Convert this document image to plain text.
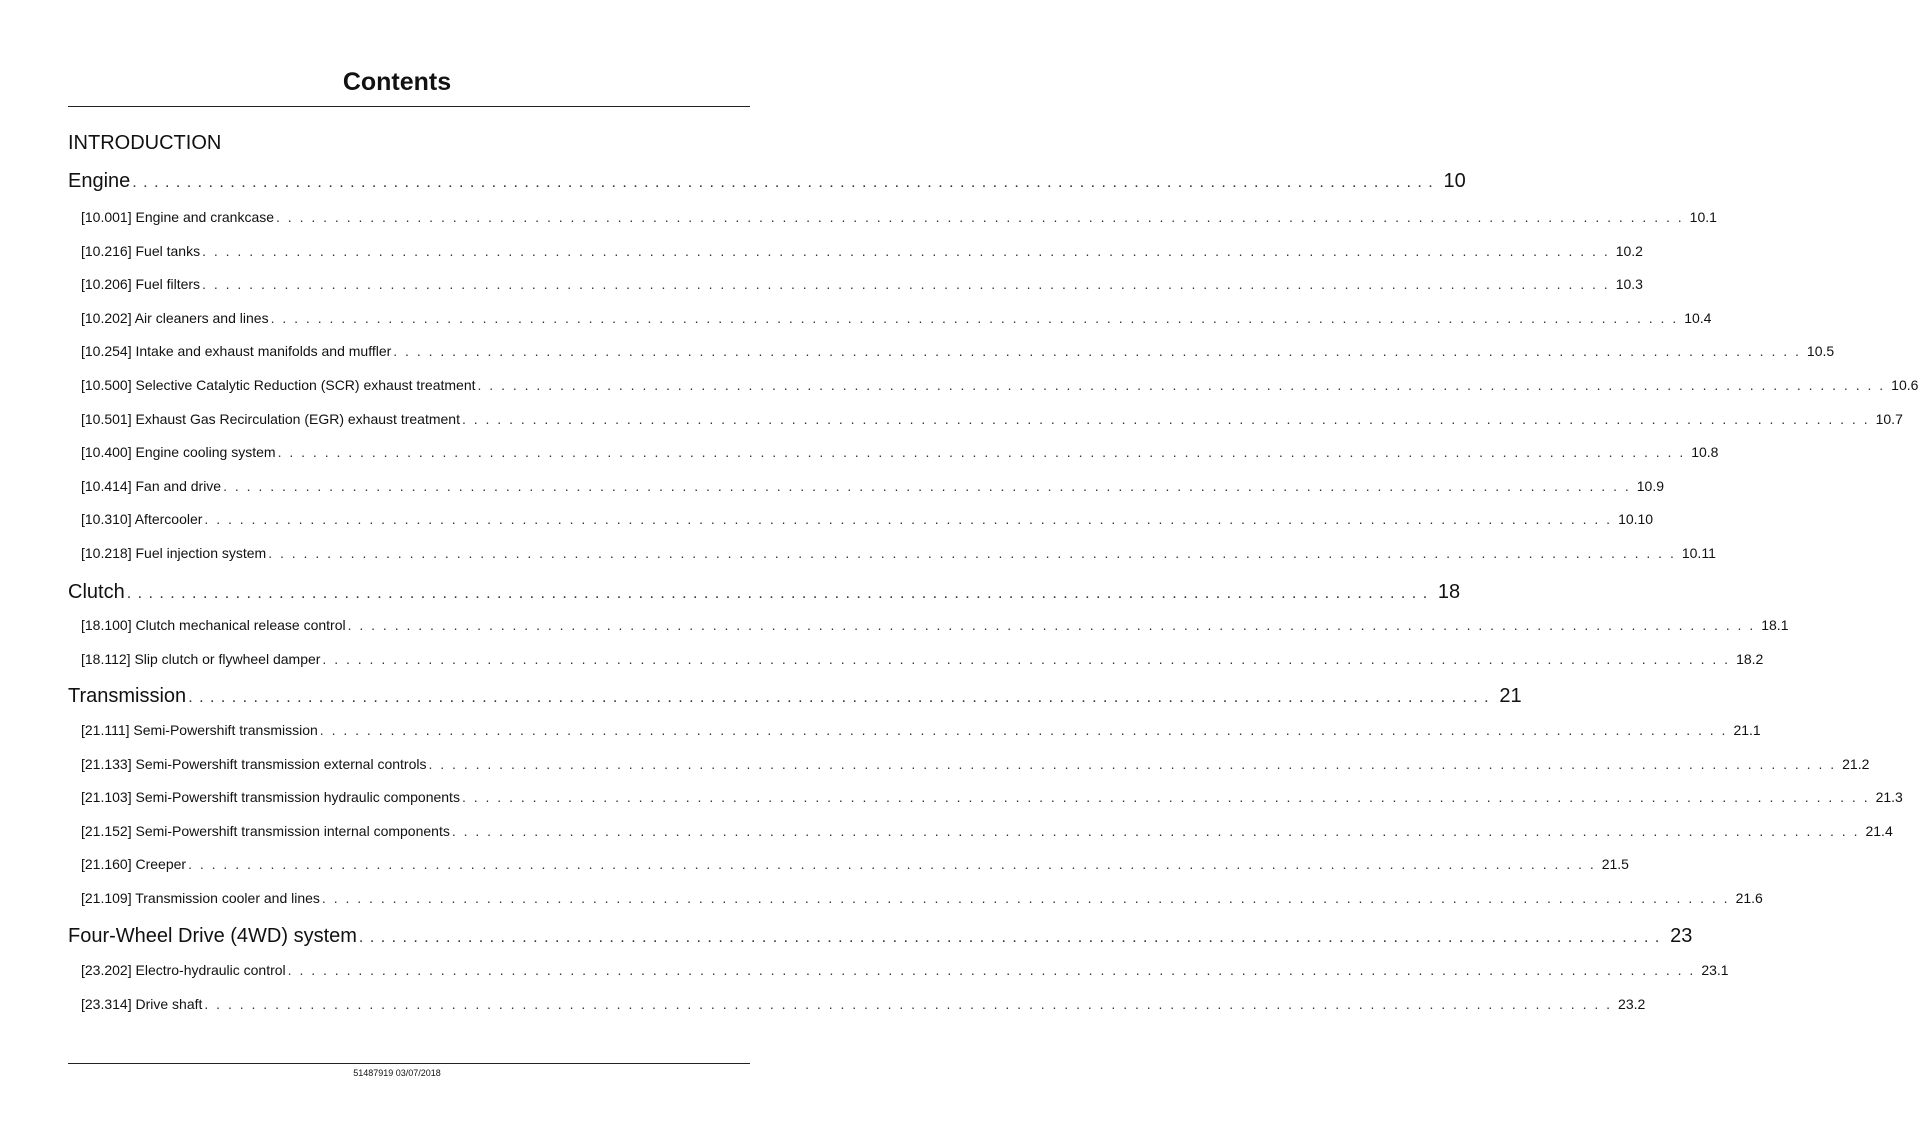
Contents
INTRODUCTION
Engine . . . . . . . . . . . . . . . . . . . . . . . . . . . . . . . . . . . . . . . . . . . . . . . . . . . . . . . . . . . . . . . . . . . . . . . . . . . . . . . . . . . . . . . . . . . . . . . . . . . . . . . . . . . . . . . . . . . . . . . . 10
[10.001] Engine and crankcase . . . . . . . . . . . . . . . . . . . . . . . . . . . . . . . . . . . . . . . . . . . . . . . . . . . . . . . . . . . . . . . . . . . . . . . . . . . . . . . . . . . . . . . . . . . . . . . . . . . . . . . . . . . . . . . . . . . . . . . . 10.1
[10.216] Fuel tanks . . . . . . . . . . . . . . . . . . . . . . . . . . . . . . . . . . . . . . . . . . . . . . . . . . . . . . . . . . . . . . . . . . . . . . . . . . . . . . . . . . . . . . . . . . . . . . . . . . . . . . . . . . . . . . . . . . . . . . . . 10.2
[10.206] Fuel filters . . . . . . . . . . . . . . . . . . . . . . . . . . . . . . . . . . . . . . . . . . . . . . . . . . . . . . . . . . . . . . . . . . . . . . . . . . . . . . . . . . . . . . . . . . . . . . . . . . . . . . . . . . . . . . . . . . . . . . . . 10.3
[10.202] Air cleaners and lines . . . . . . . . . . . . . . . . . . . . . . . . . . . . . . . . . . . . . . . . . . . . . . . . . . . . . . . . . . . . . . . . . . . . . . . . . . . . . . . . . . . . . . . . . . . . . . . . . . . . . . . . . . . . . . . . . . . . . . . . 10.4
[10.254] Intake and exhaust manifolds and muffler . . . . . . . . . . . . . . . . . . . . . . . . . . . . . . . . . . . . . . . . . . . . . . . . . . . . . . . . . . . . . . . . . . . . . . . . . . . . . . . . . . . . . . . . . . . . . . . . . . . . . . . . . . . . . . . . . . . . . . . . 10.5
[10.500] Selective Catalytic Reduction (SCR) exhaust treatment . . . . . . . . . . . . . . . . . . . . . . . . . . . . . . . . . . . . . . . . . . . . . . . . . . . . . . . . . . . . . . . . . . . . . . . . . . . . . . . . . . . . . . . . . . . . . . . . . . . . . . . . . . . . . . . . . . . . . . . . 10.6
[10.501] Exhaust Gas Recirculation (EGR) exhaust treatment . . . . . . . . . . . . . . . . . . . . . . . . . . . . . . . . . . . . . . . . . . . . . . . . . . . . . . . . . . . . . . . . . . . . . . . . . . . . . . . . . . . . . . . . . . . . . . . . . . . . . . . . . . . . . . . . . . . . . . . . 10.7
[10.400] Engine cooling system . . . . . . . . . . . . . . . . . . . . . . . . . . . . . . . . . . . . . . . . . . . . . . . . . . . . . . . . . . . . . . . . . . . . . . . . . . . . . . . . . . . . . . . . . . . . . . . . . . . . . . . . . . . . . . . . . . . . . . . . 10.8
[10.414] Fan and drive . . . . . . . . . . . . . . . . . . . . . . . . . . . . . . . . . . . . . . . . . . . . . . . . . . . . . . . . . . . . . . . . . . . . . . . . . . . . . . . . . . . . . . . . . . . . . . . . . . . . . . . . . . . . . . . . . . . . . . . . 10.9
[10.310] Aftercooler . . . . . . . . . . . . . . . . . . . . . . . . . . . . . . . . . . . . . . . . . . . . . . . . . . . . . . . . . . . . . . . . . . . . . . . . . . . . . . . . . . . . . . . . . . . . . . . . . . . . . . . . . . . . . . . . . . . . . . . . 10.10
[10.218] Fuel injection system . . . . . . . . . . . . . . . . . . . . . . . . . . . . . . . . . . . . . . . . . . . . . . . . . . . . . . . . . . . . . . . . . . . . . . . . . . . . . . . . . . . . . . . . . . . . . . . . . . . . . . . . . . . . . . . . . . . . . . . . 10.11
Clutch . . . . . . . . . . . . . . . . . . . . . . . . . . . . . . . . . . . . . . . . . . . . . . . . . . . . . . . . . . . . . . . . . . . . . . . . . . . . . . . . . . . . . . . . . . . . . . . . . . . . . . . . . . . . . . . . . . . . . . . . 18
[18.100] Clutch mechanical release control . . . . . . . . . . . . . . . . . . . . . . . . . . . . . . . . . . . . . . . . . . . . . . . . . . . . . . . . . . . . . . . . . . . . . . . . . . . . . . . . . . . . . . . . . . . . . . . . . . . . . . . . . . . . . . . . . . . . . . . . 18.1
[18.112] Slip clutch or flywheel damper . . . . . . . . . . . . . . . . . . . . . . . . . . . . . . . . . . . . . . . . . . . . . . . . . . . . . . . . . . . . . . . . . . . . . . . . . . . . . . . . . . . . . . . . . . . . . . . . . . . . . . . . . . . . . . . . . . . . . . . . 18.2
Transmission . . . . . . . . . . . . . . . . . . . . . . . . . . . . . . . . . . . . . . . . . . . . . . . . . . . . . . . . . . . . . . . . . . . . . . . . . . . . . . . . . . . . . . . . . . . . . . . . . . . . . . . . . . . . . . . . . . . . . . . . 21
[21.111] Semi-Powershift transmission . . . . . . . . . . . . . . . . . . . . . . . . . . . . . . . . . . . . . . . . . . . . . . . . . . . . . . . . . . . . . . . . . . . . . . . . . . . . . . . . . . . . . . . . . . . . . . . . . . . . . . . . . . . . . . . . . . . . . . . . 21.1
[21.133] Semi-Powershift transmission external controls . . . . . . . . . . . . . . . . . . . . . . . . . . . . . . . . . . . . . . . . . . . . . . . . . . . . . . . . . . . . . . . . . . . . . . . . . . . . . . . . . . . . . . . . . . . . . . . . . . . . . . . . . . . . . . . . . . . . . . . . 21.2
[21.103] Semi-Powershift transmission hydraulic components . . . . . . . . . . . . . . . . . . . . . . . . . . . . . . . . . . . . . . . . . . . . . . . . . . . . . . . . . . . . . . . . . . . . . . . . . . . . . . . . . . . . . . . . . . . . . . . . . . . . . . . . . . . . . . . . . . . . . . . . 21.3
[21.152] Semi-Powershift transmission internal components . . . . . . . . . . . . . . . . . . . . . . . . . . . . . . . . . . . . . . . . . . . . . . . . . . . . . . . . . . . . . . . . . . . . . . . . . . . . . . . . . . . . . . . . . . . . . . . . . . . . . . . . . . . . . . . . . . . . . . . . 21.4
[21.160] Creeper . . . . . . . . . . . . . . . . . . . . . . . . . . . . . . . . . . . . . . . . . . . . . . . . . . . . . . . . . . . . . . . . . . . . . . . . . . . . . . . . . . . . . . . . . . . . . . . . . . . . . . . . . . . . . . . . . . . . . . . . 21.5
[21.109] Transmission cooler and lines . . . . . . . . . . . . . . . . . . . . . . . . . . . . . . . . . . . . . . . . . . . . . . . . . . . . . . . . . . . . . . . . . . . . . . . . . . . . . . . . . . . . . . . . . . . . . . . . . . . . . . . . . . . . . . . . . . . . . . . . 21.6
Four-Wheel Drive (4WD) system . . . . . . . . . . . . . . . . . . . . . . . . . . . . . . . . . . . . . . . . . . . . . . . . . . . . . . . . . . . . . . . . . . . . . . . . . . . . . . . . . . . . . . . . . . . . . . . . . . . . . . . . . . . . . . . . . . . . . . . . 23
[23.202] Electro-hydraulic control . . . . . . . . . . . . . . . . . . . . . . . . . . . . . . . . . . . . . . . . . . . . . . . . . . . . . . . . . . . . . . . . . . . . . . . . . . . . . . . . . . . . . . . . . . . . . . . . . . . . . . . . . . . . . . . . . . . . . . . . 23.1
[23.314] Drive shaft . . . . . . . . . . . . . . . . . . . . . . . . . . . . . . . . . . . . . . . . . . . . . . . . . . . . . . . . . . . . . . . . . . . . . . . . . . . . . . . . . . . . . . . . . . . . . . . . . . . . . . . . . . . . . . . . . . . . . . . . 23.2
51487919 03/07/2018
